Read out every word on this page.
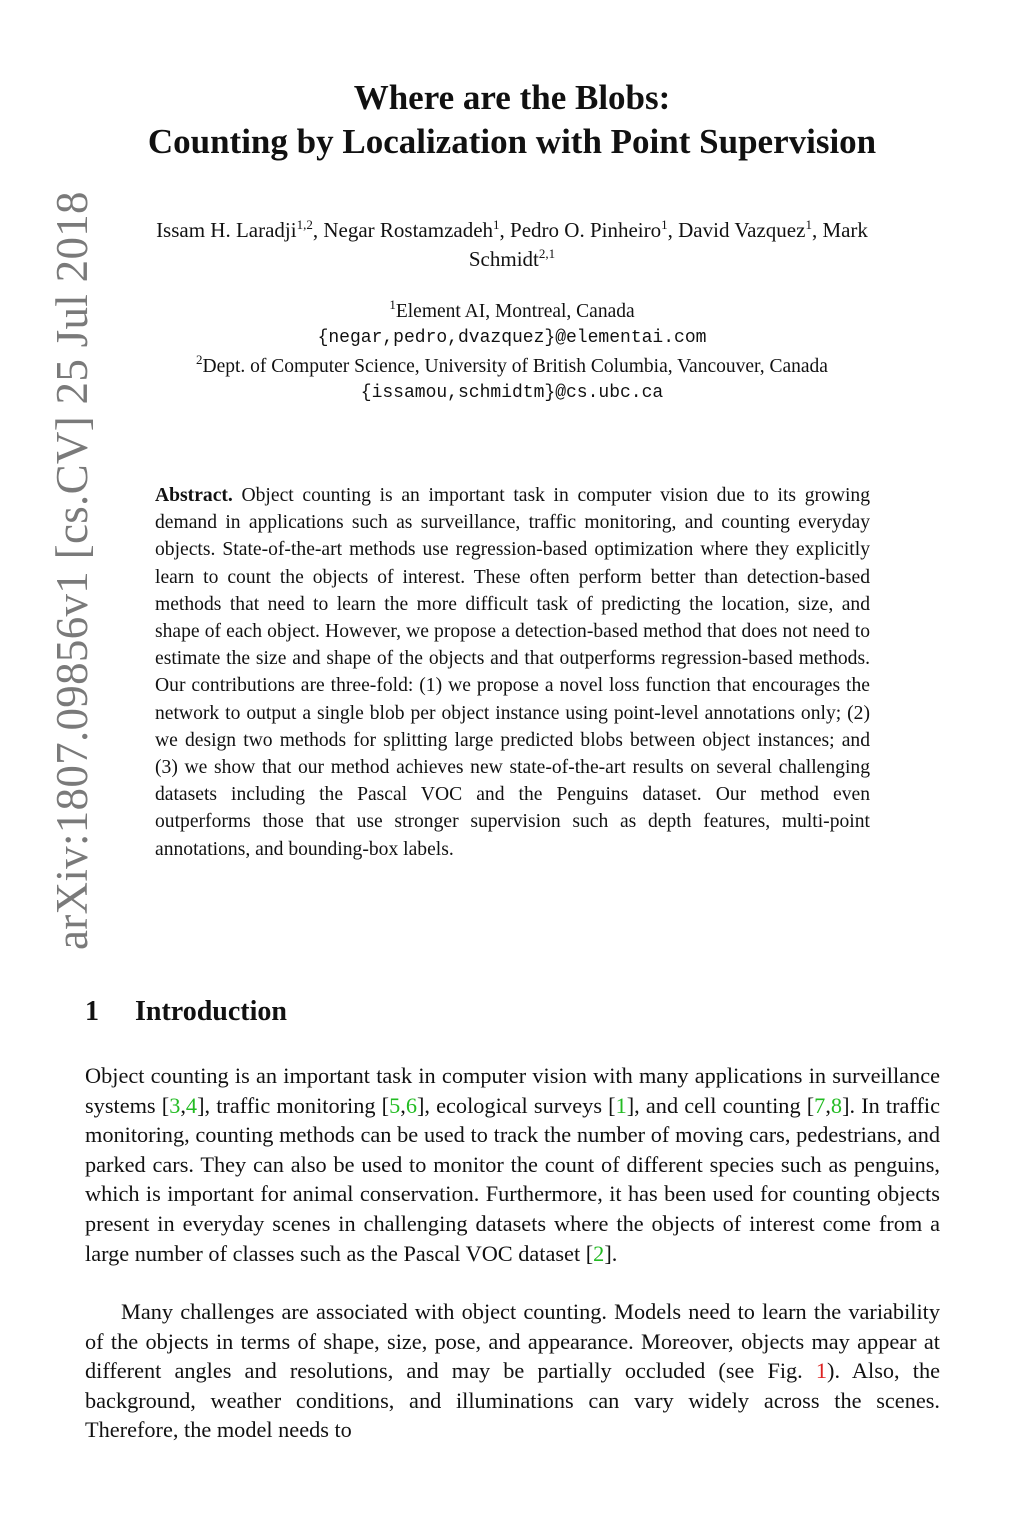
arXiv:1807.09856v1 [cs.CV] 25 Jul 2018
Where are the Blobs:
Counting by Localization with Point Supervision
Issam H. Laradji$^{1,2}$, Negar Rostamzadeh$^1$, Pedro O. Pinheiro$^1$, David Vazquez$^1$, Mark Schmidt$^{2,1}$
$^1$Element AI, Montreal, Canada
{negar,pedro,dvazquez}@elementai.com
$^2$Dept. of Computer Science, University of British Columbia, Vancouver, Canada
{issamou,schmidtm}@cs.ubc.ca
Abstract. Object counting is an important task in computer vision due to its growing demand in applications such as surveillance, traffic monitoring, and counting everyday objects. State-of-the-art methods use regression-based optimization where they explicitly learn to count the objects of interest. These often perform better than detection-based methods that need to learn the more difficult task of predicting the location, size, and shape of each object. However, we propose a detection-based method that does not need to estimate the size and shape of the objects and that outperforms regression-based methods. Our contributions are three-fold: (1) we propose a novel loss function that encourages the network to output a single blob per object instance using point-level annotations only; (2) we design two methods for splitting large predicted blobs between object instances; and (3) we show that our method achieves new state-of-the-art results on several challenging datasets including the Pascal VOC and the Penguins dataset. Our method even outperforms those that use stronger supervision such as depth features, multi-point annotations, and bounding-box labels.
1 Introduction
Object counting is an important task in computer vision with many applications in surveillance systems [3,4], traffic monitoring [5,6], ecological surveys [1], and cell counting [7,8]. In traffic monitoring, counting methods can be used to track the number of moving cars, pedestrians, and parked cars. They can also be used to monitor the count of different species such as penguins, which is important for animal conservation. Furthermore, it has been used for counting objects present in everyday scenes in challenging datasets where the objects of interest come from a large number of classes such as the Pascal VOC dataset [2].
Many challenges are associated with object counting. Models need to learn the variability of the objects in terms of shape, size, pose, and appearance. Moreover, objects may appear at different angles and resolutions, and may be partially occluded (see Fig. 1). Also, the background, weather conditions, and illuminations can vary widely across the scenes. Therefore, the model needs to
